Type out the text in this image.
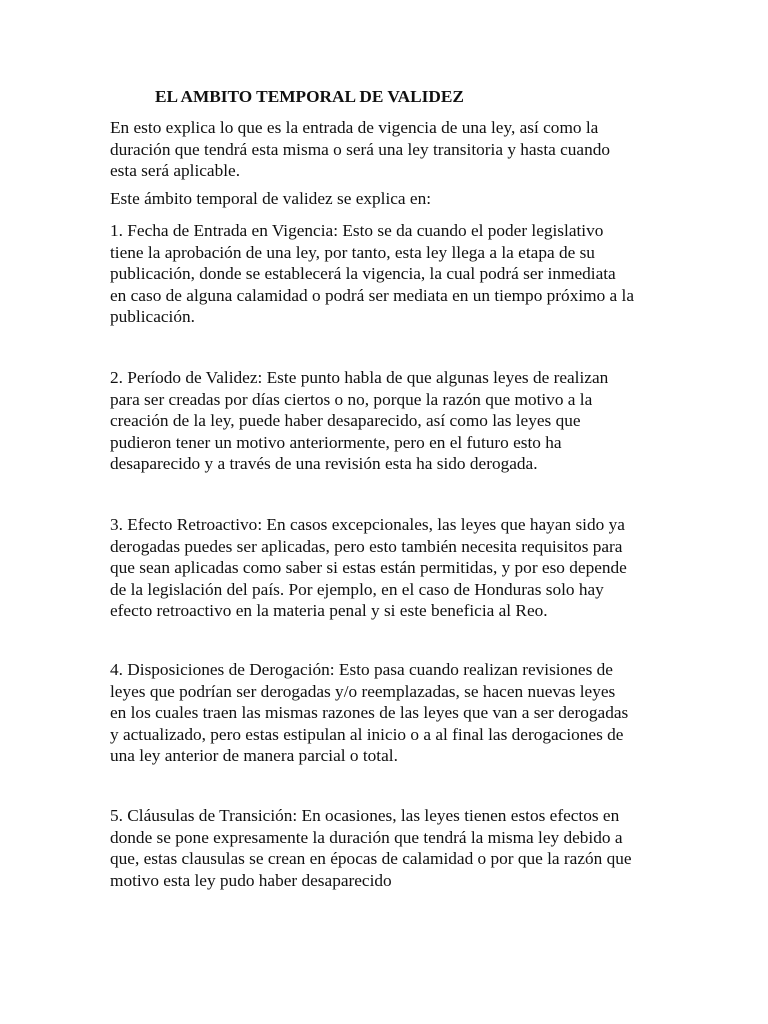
EL AMBITO TEMPORAL DE VALIDEZ

En esto explica lo que es la entrada de vigencia de una ley, así como la
duración que tendrá esta misma o será una ley transitoria y hasta cuando
esta será aplicable.

Este ámbito temporal de validez se explica en:

1. Fecha de Entrada en Vigencia: Esto se da cuando el poder legislativo
tiene la aprobación de una ley, por tanto, esta ley llega a la etapa de su
publicación, donde se establecerá la vigencia, la cual podrá ser inmediata
en caso de alguna calamidad o podrá ser mediata en un tiempo próximo a la
publicación.

2. Período de Validez: Este punto habla de que algunas leyes de realizan
para ser creadas por días ciertos o no, porque la razón que motivo a la
creación de la ley, puede haber desaparecido, así como las leyes que
pudieron tener un motivo anteriormente, pero en el futuro esto ha
desaparecido y a través de una revisión esta ha sido derogada.

3. Efecto Retroactivo: En casos excepcionales, las leyes que hayan sido ya
derogadas puedes ser aplicadas, pero esto también necesita requisitos para
que sean aplicadas como saber si estas están permitidas, y por eso depende
de la legislación del país. Por ejemplo, en el caso de Honduras solo hay
efecto retroactivo en la materia penal y si este beneficia al Reo.

4. Disposiciones de Derogación: Esto pasa cuando realizan revisiones de
leyes que podrían ser derogadas y/o reemplazadas, se hacen nuevas leyes
en los cuales traen las mismas razones de las leyes que van a ser derogadas
y actualizado, pero estas estipulan al inicio o a al final las derogaciones de
una ley anterior de manera parcial o total.

5. Cláusulas de Transición: En ocasiones, las leyes tienen estos efectos en
donde se pone expresamente la duración que tendrá la misma ley debido a
que, estas clausulas se crean en épocas de calamidad o por que la razón que
motivo esta ley pudo haber desaparecido
